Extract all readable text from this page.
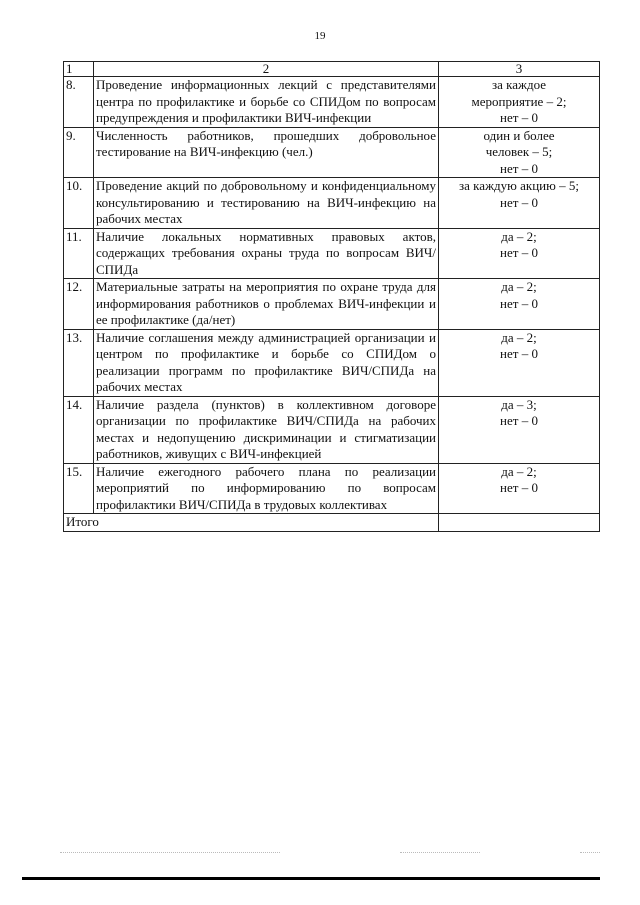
19
1	2	3
8.	Проведение информационных лекций с представителями центра по профилактике и борьбе со СПИДом по вопросам предупреждения и профилактики ВИЧ-инфекции	за каждое
мероприятие – 2;
нет – 0

9.	Численность работников, прошедших добровольное тестирование на ВИЧ-инфекцию (чел.)	один и более
человек – 5;
нет – 0

10.	Проведение акций по добровольному и конфиденциальному консультированию и тестированию на ВИЧ-инфекцию на рабочих местах	за каждую акцию – 5;
нет – 0

11.	Наличие локальных нормативных правовых актов, содержащих требования охраны труда по вопросам ВИЧ/СПИДа	да – 2;
нет – 0

12.	Материальные затраты на мероприятия по охране труда для информирования работников о проблемах ВИЧ-инфекции и ее профилактике (да/нет)	да – 2;
нет – 0

13.	Наличие соглашения между администрацией организации и центром по профилактике и борьбе со СПИДом о реализации программ по профилактике ВИЧ/СПИДа на рабочих местах	да – 2;
нет – 0

14.	Наличие раздела (пунктов) в коллективном договоре организации по профилактике ВИЧ/СПИДа на рабочих местах и недопущению дискриминации и стигматизации работников, живущих с ВИЧ-инфекцией	да – 3;
нет – 0

15.	Наличие ежегодного рабочего плана по реализации мероприятий по информированию по вопросам профилактики ВИЧ/СПИДа в трудовых коллективах	да – 2;
нет – 0

Итого		
